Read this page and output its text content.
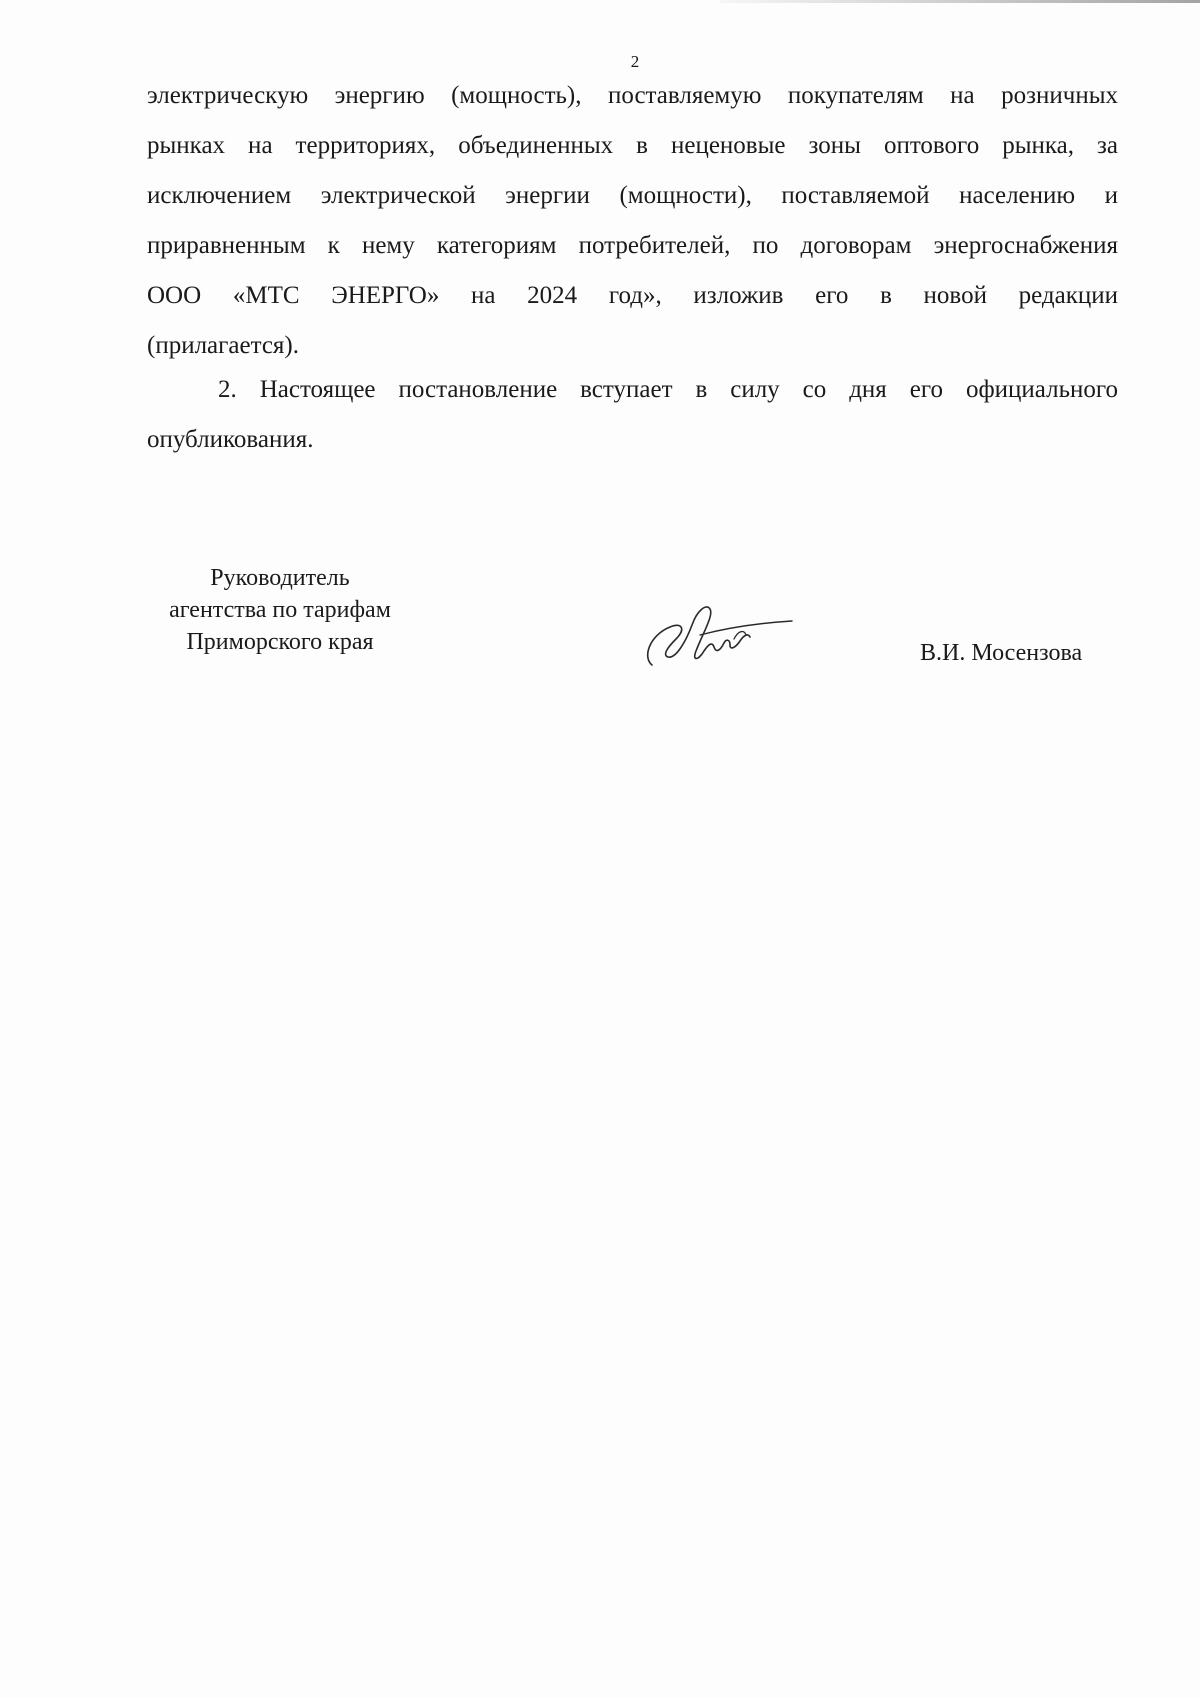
2
электрическую энергию (мощность), поставляемую покупателям на розничных
рынках на территориях, объединенных в неценовые зоны оптового рынка, за
исключением электрической энергии (мощности), поставляемой населению и
приравненным к нему категориям потребителей, по договорам энергоснабжения
ООО «МТС ЭНЕРГО» на 2024 год», изложив его в новой редакции
(прилагается).
2. Настоящее постановление вступает в силу со дня его официального
опубликования.
Руководитель
агентства по тарифам
Приморского края	В.И. Мосензова
